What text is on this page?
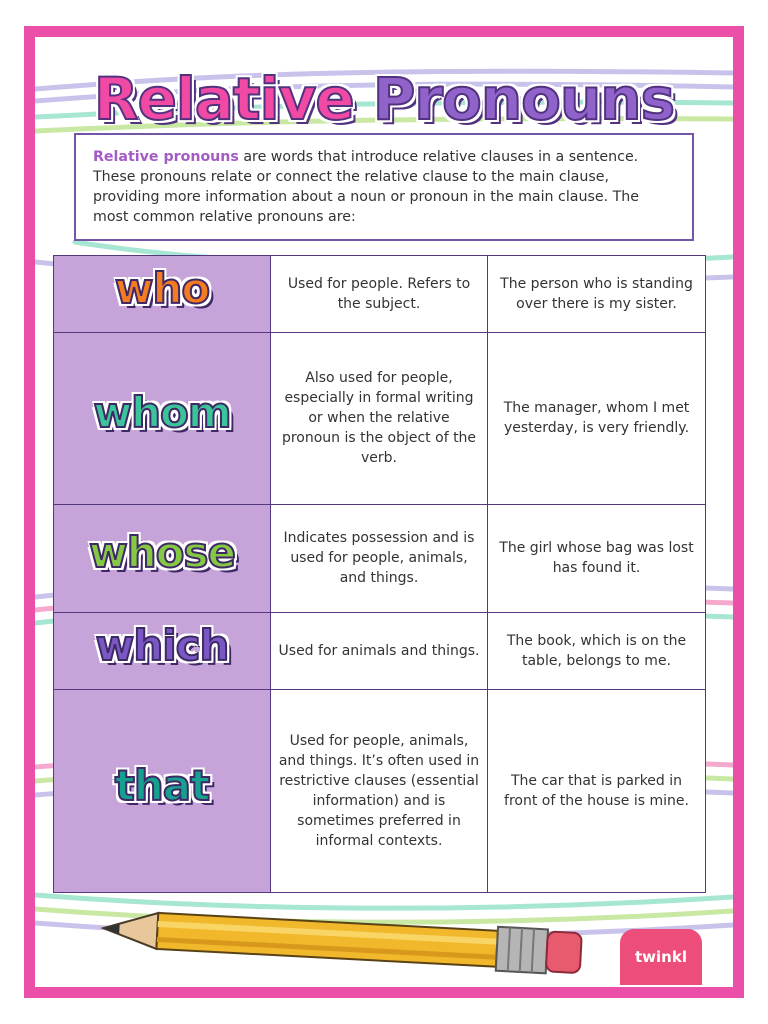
Relative Pronouns
Relative pronouns are words that introduce relative clauses in a sentence. These pronouns relate or connect the relative clause to the main clause, providing more information about a noun or pronoun in the main clause. The most common relative pronouns are:
who	Used for people. Refers to the subject.	The person who is standing over there is my sister.
whom	Also used for people, especially in formal writing or when the relative pronoun is the object of the verb.	The manager, whom I met yesterday, is very friendly.
whose	Indicates possession and is used for people, animals, and things.	The girl whose bag was lost has found it.
which	Used for animals and things.	The book, which is on the table, belongs to me.
that	Used for people, animals, and things. It’s often used in restrictive clauses (essential information) and is sometimes preferred in informal contexts.	The car that is parked in front of the house is mine.
twinkl
